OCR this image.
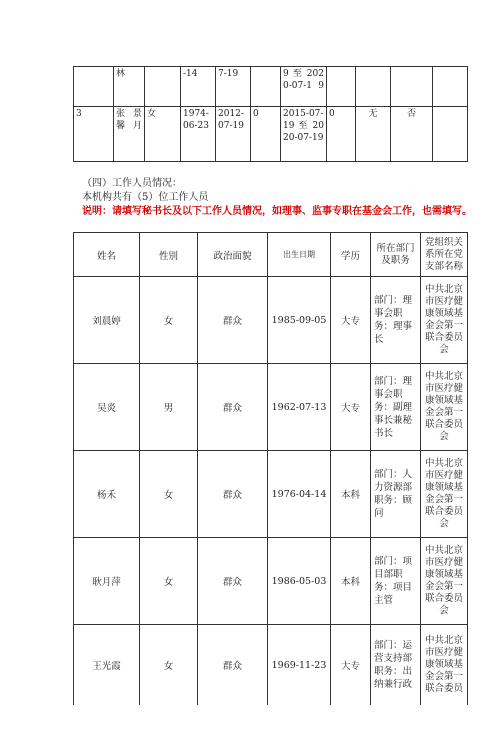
	林		-14	7-19		9 至 2020-07-1 9				
3	张景馨月	女	1974-06-23	2012-07-19	0	2015-07-19 至 2020-07-19	0	无	否	
（四）工作人员情况：
本机构共有（5）位工作人员
说明：请填写秘书长及以下工作人员情况，如理事、监事专职在基金会工作，也需填写。
姓名	性别	政治面貌	出生日期	学历	所在部门及职务	党组织关系所在党支部名称
刘晨婷	女	群众	1985-09-05	大专	部门：理事会职务：理事长	中共北京市医疗健康领域基金会第一联合委员会
吴炎	男	群众	1962-07-13	大专	部门：理事会职务：副理事长兼秘书长	中共北京市医疗健康领域基金会第一联合委员会
杨禾	女	群众	1976-04-14	本科	部门：人力资源部职务：顾问	中共北京市医疗健康领域基金会第一联合委员会
耿月萍	女	群众	1986-05-03	本科	部门：项目部职务：项目主管	中共北京市医疗健康领域基金会第一联合委员会
王光霞	女	群众	1969-11-23	大专	部门：运营支持部职务：出纳兼行政	中共北京市医疗健康领域基金会第一联合委员
